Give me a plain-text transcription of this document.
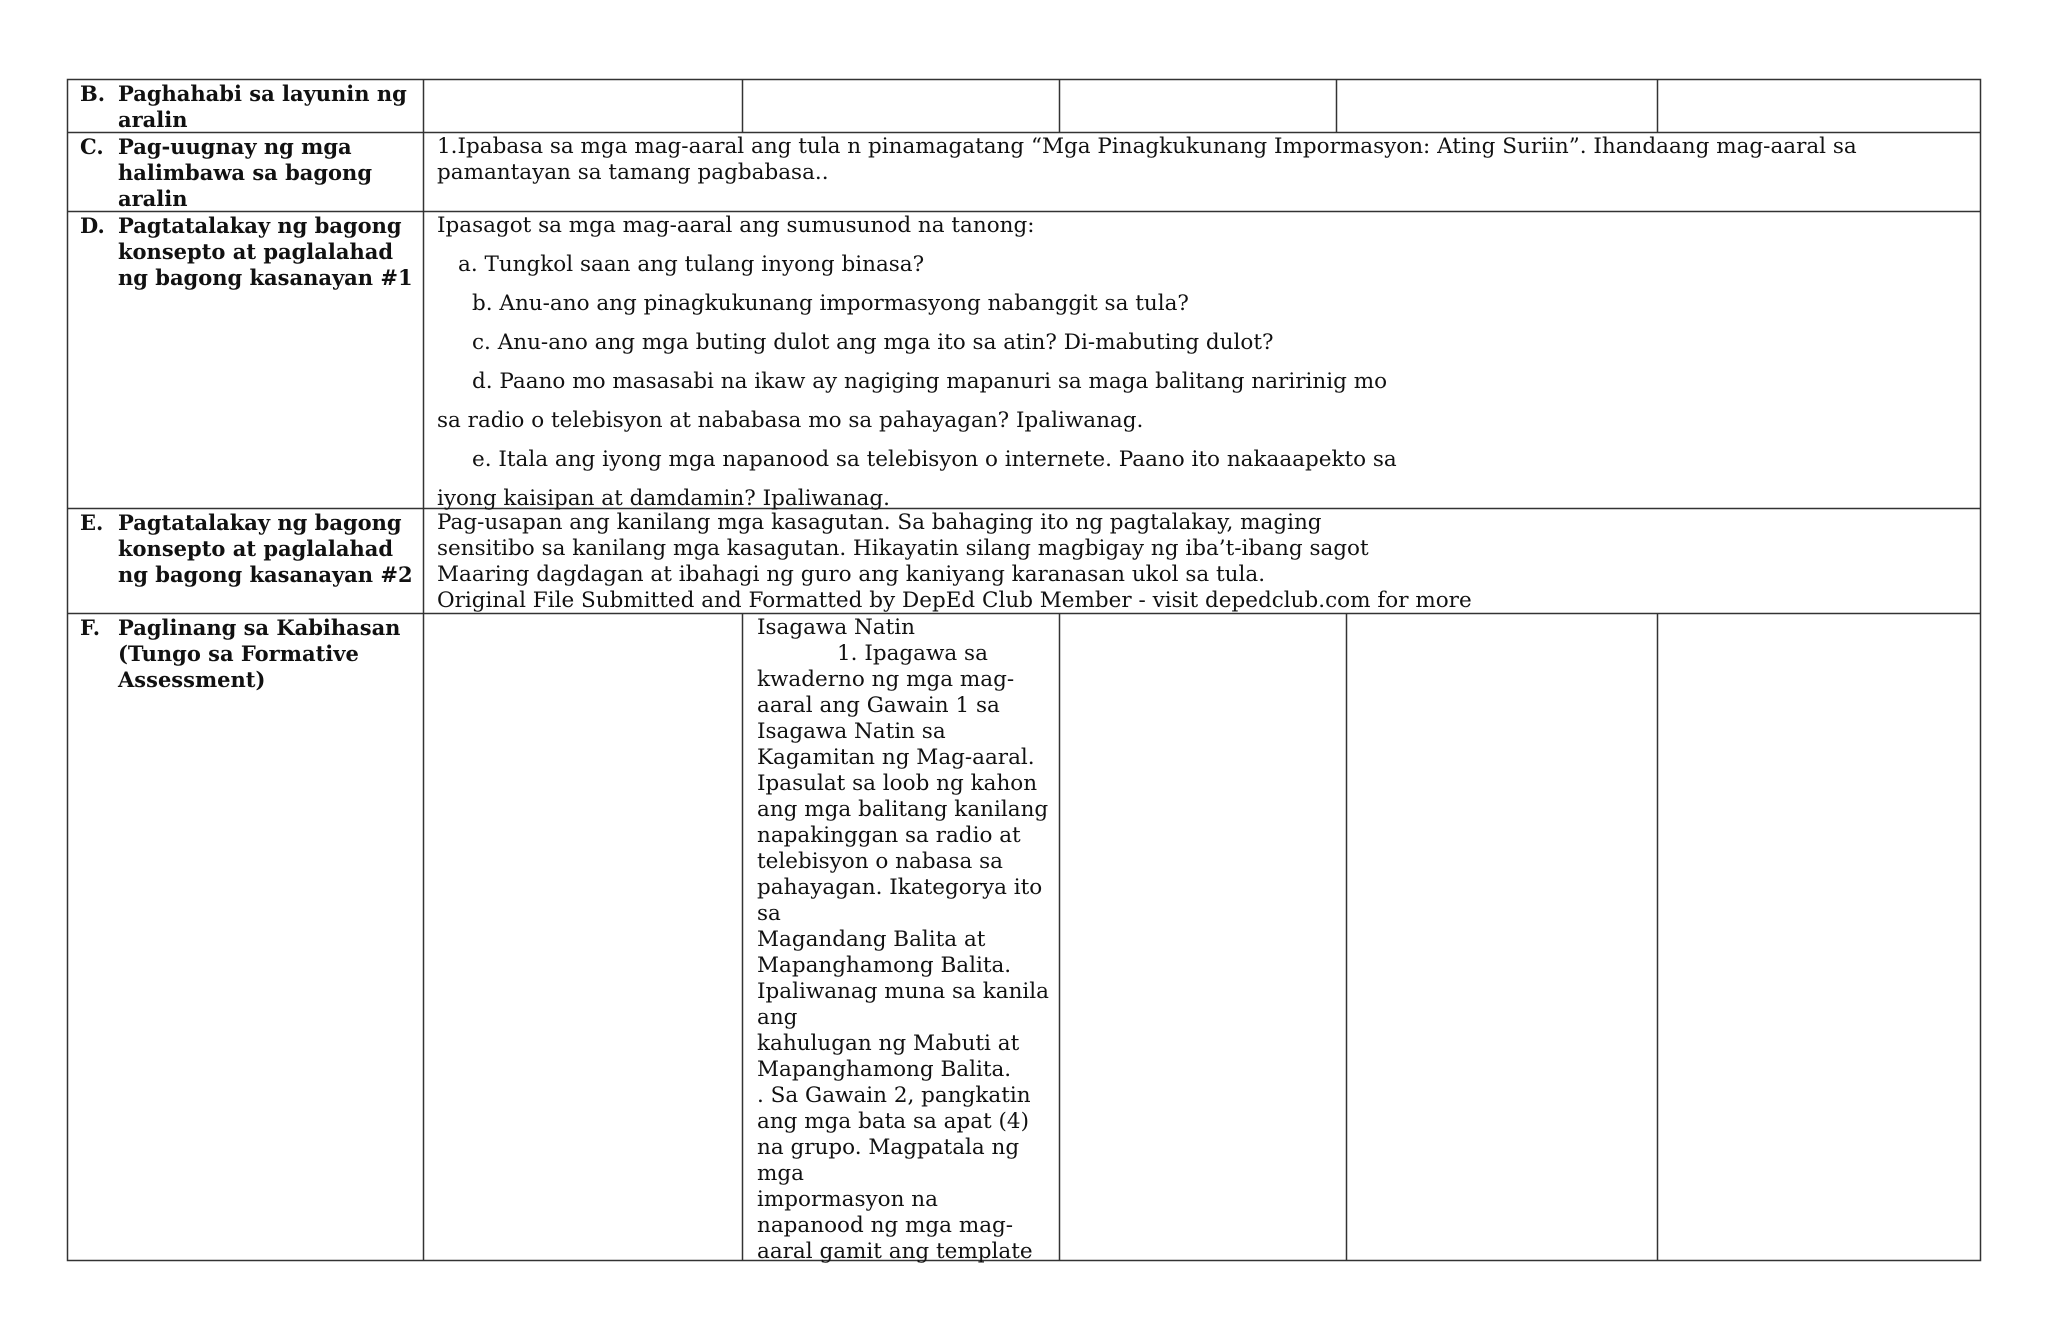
B. Paghahabi sa layunin ng
aralin
C. Pag-uugnay ng mga
halimbawa sa bagong
aralin
1.Ipabasa sa mga mag-aaral ang tula n pinamagatang “Mga Pinagkukunang Impormasyon: Ating Suriin”. Ihandaang mag-aaral sa
pamantayan sa tamang pagbabasa..
D. Pagtatalakay ng bagong
konsepto at paglalahad
ng bagong kasanayan #1
Ipasagot sa mga mag-aaral ang sumusunod na tanong:
a. Tungkol saan ang tulang inyong binasa?
b. Anu-ano ang pinagkukunang impormasyong nabanggit sa tula?
c. Anu-ano ang mga buting dulot ang mga ito sa atin? Di-mabuting dulot?
d. Paano mo masasabi na ikaw ay nagiging mapanuri sa maga balitang naririnig mo
sa radio o telebisyon at nababasa mo sa pahayagan? Ipaliwanag.
e. Itala ang iyong mga napanood sa telebisyon o internete. Paano ito nakaaapekto sa
iyong kaisipan at damdamin? Ipaliwanag.
E. Pagtatalakay ng bagong
konsepto at paglalahad
ng bagong kasanayan #2
Pag-usapan ang kanilang mga kasagutan. Sa bahaging ito ng pagtalakay, maging
sensitibo sa kanilang mga kasagutan. Hikayatin silang magbigay ng iba’t-ibang sagot
Maaring dagdagan at ibahagi ng guro ang kaniyang karanasan ukol sa tula.
Original File Submitted and Formatted by DepEd Club Member - visit depedclub.com for more
F. Paglinang sa Kabihasan
(Tungo sa Formative
Assessment)
Isagawa Natin
1. Ipagawa sa
kwaderno ng mga mag-
aaral ang Gawain 1 sa
Isagawa Natin sa
Kagamitan ng Mag-aaral.
Ipasulat sa loob ng kahon
ang mga balitang kanilang
napakinggan sa radio at
telebisyon o nabasa sa
pahayagan. Ikategorya ito
sa
Magandang Balita at
Mapanghamong Balita.
Ipaliwanag muna sa kanila
ang
kahulugan ng Mabuti at
Mapanghamong Balita.
. Sa Gawain 2, pangkatin
ang mga bata sa apat (4)
na grupo. Magpatala ng
mga
impormasyon na
napanood ng mga mag-
aaral gamit ang template
